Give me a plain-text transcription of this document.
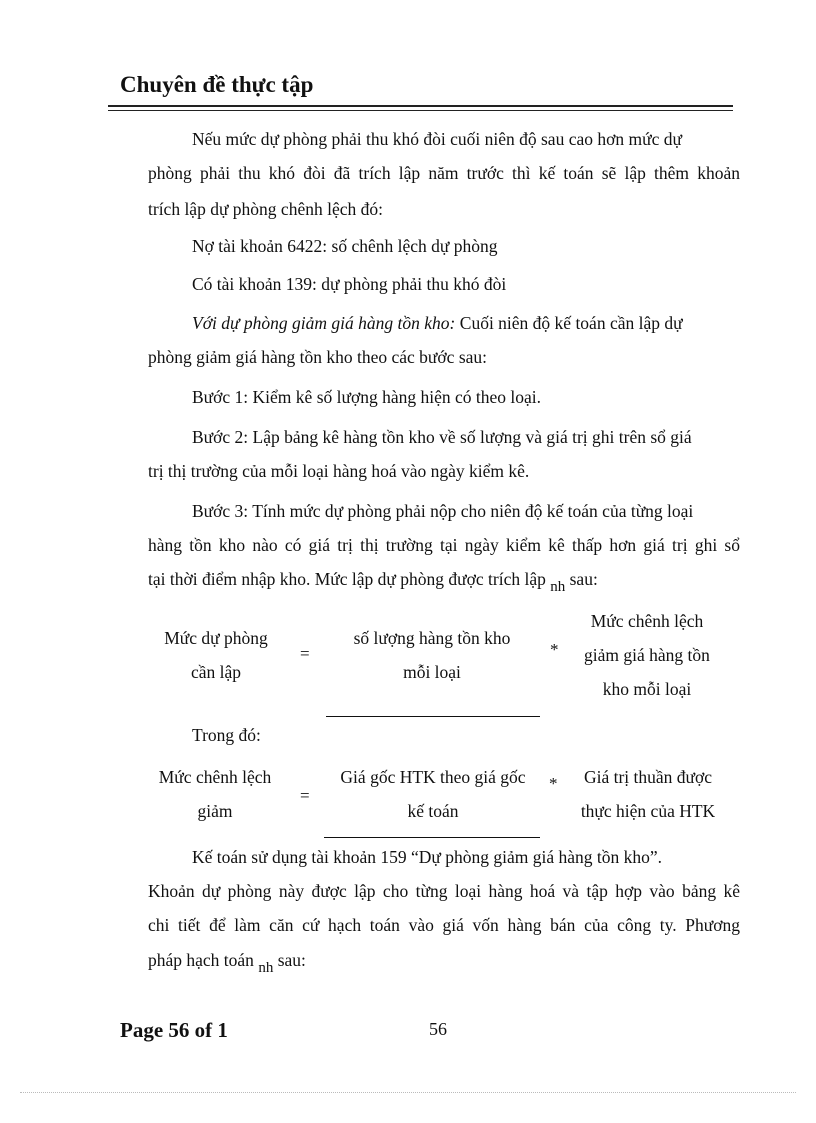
Chuyên đề thực tập
Nếu mức dự phòng phải thu khó đòi cuối niên độ sau cao hơn mức dự
phòng phải thu khó đòi đã trích lập năm trước thì kế toán sẽ lập thêm khoản
trích lập dự phòng chênh lệch đó:
Nợ tài khoản 6422: số chênh lệch dự phòng
Có tài khoản 139: dự phòng phải thu khó đòi
Với dự phòng giảm giá hàng tồn kho: Cuối niên độ kế toán cần lập dự
phòng giảm giá hàng tồn kho theo các bước sau:
Bước 1: Kiểm kê số lượng hàng hiện có theo loại.
Bước 2: Lập bảng kê hàng tồn kho về số lượng và giá trị ghi trên sổ giá
trị thị trường của mỗi loại hàng hoá vào ngày kiểm kê.
Bước 3: Tính mức dự phòng phải nộp cho niên độ kế toán của từng loại
hàng tồn kho nào có giá trị thị trường tại ngày kiểm kê thấp hơn giá trị ghi sổ
tại thời điểm nhập kho. Mức lập dự phòng được trích lập nh sau:
Mức dự phòng
cần lập
=
số lượng hàng tồn kho
mỗi loại
*
Mức chênh lệch
giảm giá hàng tồn
kho mỗi loại
Trong đó:
Mức chênh lệch
giảm
=
Giá gốc HTK theo giá gốc
kế toán
*	Giá trị thuần được
thực hiện của HTK
Kế toán sử dụng tài khoản 159 “Dự phòng giảm giá hàng tồn kho”.
Khoản dự phòng này được lập cho từng loại hàng hoá và tập hợp vào bảng kê
chi tiết để làm căn cứ hạch toán vào giá vốn hàng bán của công ty. Phương
pháp hạch toán nh sau:
Page 56 of 1	56
